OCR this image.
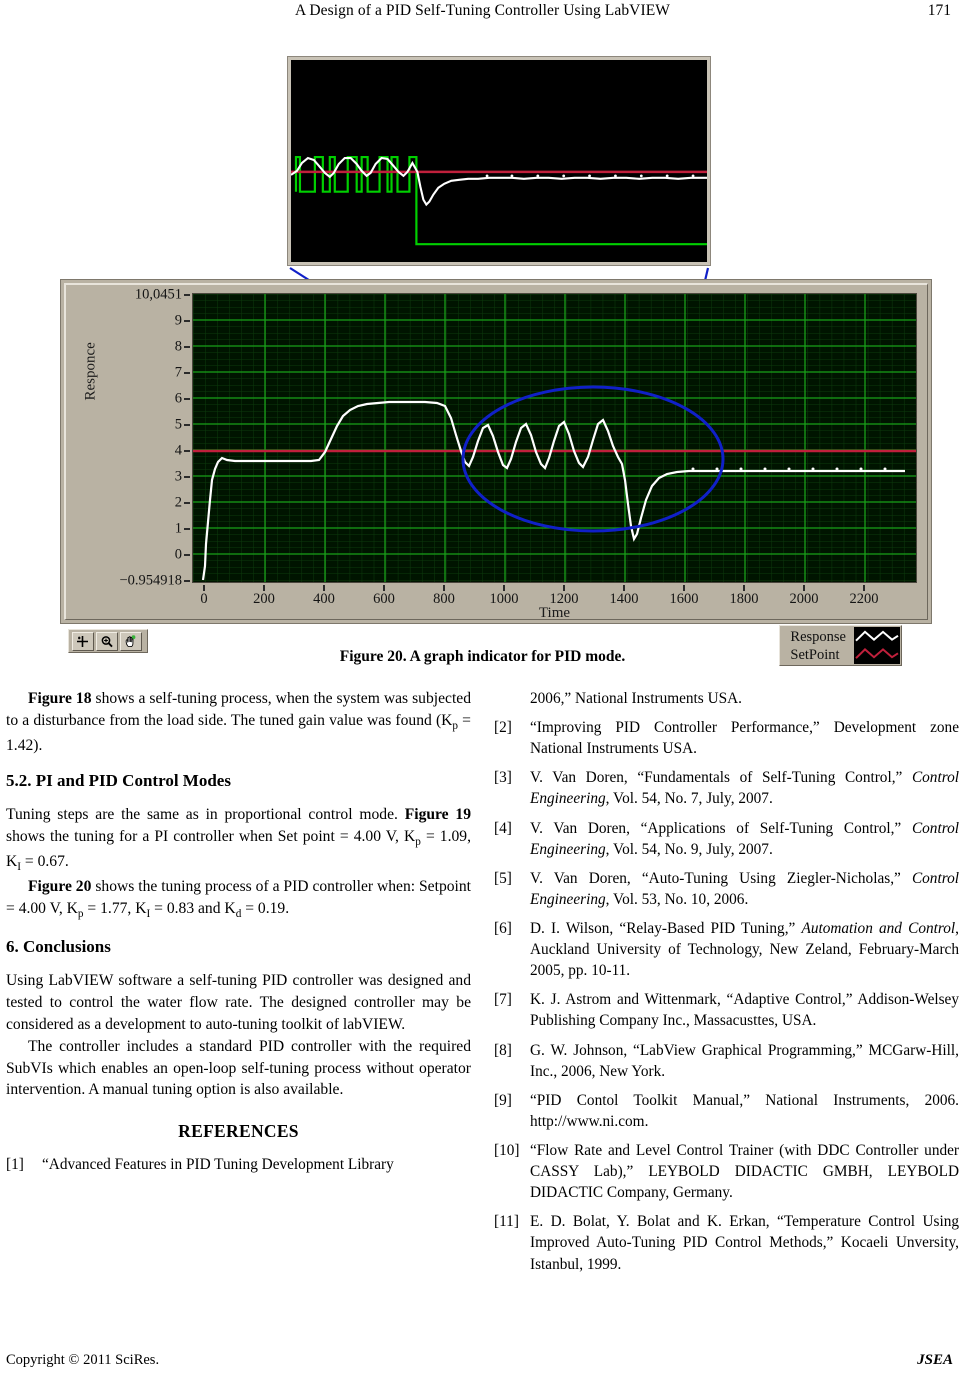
A Design of a PID Self-Tuning Controller Using LabVIEW	171
Responce
10,0451
9
8
7
6
5
4
3
2
1
0
−0.954918
0	200	400	600	800 1000 1200 1400 1600 1800 2000 2200
Time
Response
SetPoint
Figure 20. A graph indicator for PID mode.

Figure 18 shows a self-tuning process, when the system was subjected to a disturbance from the load side. The tuned gain value was found $(K_p = 1.42)$.

5.2. PI and PID Control Modes

Tuning steps are the same as in proportional control mode. Figure 19 shows the tuning for a PI controller when Set point = 4.00 V, $K_p = 1.09$, $K_I = 0.67$.

Figure 20 shows the tuning process of a PID controller when: Setpoint = 4.00 V, $K_p = 1.77$, $K_I = 0.83$ and $K_d = 0.19$.

6. Conclusions

Using LabVIEW software a self-tuning PID controller was designed and tested to control the water flow rate. The designed controller may be considered as a development to auto-tuning toolkit of labVIEW.

The controller includes a standard PID controller with the required SubVIs which enables an open-loop self-tuning process without operator intervention. A manual tuning option is also available.

REFERENCES
[1]	“Advanced Features in PID Tuning Development Library
2006,” National Instruments USA.
[2]	“Improving PID Controller Performance,” Development zone National Instruments USA.
[3]	V. Van Doren, “Fundamentals of Self-Tuning Control,” Control Engineering, Vol. 54, No. 7, July, 2007.
[4]	V. Van Doren, “Applications of Self-Tuning Control,” Control Engineering, Vol. 54, No. 9, July, 2007.
[5]	V. Van Doren, “Auto-Tuning Using Ziegler-Nicholas,” Control Engineering, Vol. 53, No. 10, 2006.
[6]	D. I. Wilson, “Relay-Based PID Tuning,” Automation and Control, Auckland University of Technology, New Zeland, February-March 2005, pp. 10-11.
[7]	K. J. Astrom and Wittenmark, “Adaptive Control,” Addison-Welsey Publishing Company Inc., Massacusttes, USA.
[8]	G. W. Johnson, “LabView Graphical Programming,” MCGarw-Hill, Inc., 2006, New York.
[9]	“PID Contol Toolkit Manual,” National Instruments, 2006. http://www.ni.com.
[10] “Flow Rate and Level Control Trainer (with DDC Controller under CASSY Lab),” LEYBOLD DIDACTIC GMBH, LEYBOLD DIDACTIC Company, Germany.
[11] E. D. Bolat, Y. Bolat and K. Erkan, “Temperature Control Using Improved Auto-Tuning PID Control Methods,” Kocaeli Unversity, Istanbul, 1999.
Copyright © 2011 SciRes.	JSEA
